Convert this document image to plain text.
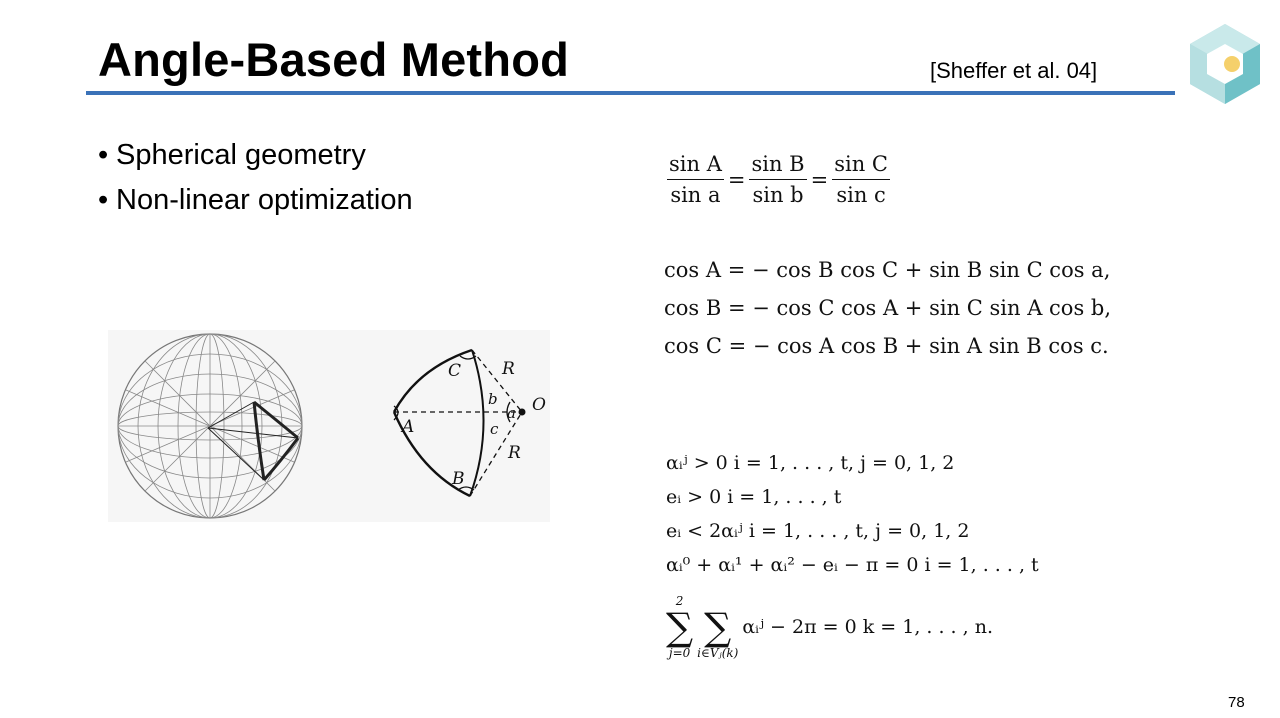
Angle-Based Method	[Sheffer et al. 04]
• Spherical geometry
• Non-linear optimization
C R
b
a O
A	c
R
B
$\frac{\text{sin A}}{\text{sin a}} = \frac{\text{sin B}}{\text{sin b}} = \frac{\text{sin C}}{\text{sin c}}$
cos A = − cos B cos C + sin B sin C cos a,
cos B = − cos C cos A + sin C sin A cos b,
cos C = − cos A cos B + sin A sin B cos c.
αᵢʲ > 0 i = 1, . . . , t, j = 0, 1, 2
eᵢ > 0 i = 1, . . . , t
eᵢ < 2αᵢʲ i = 1, . . . , t, j = 0, 1, 2
αᵢ⁰ + αᵢ¹ + αᵢ² − eᵢ − π = 0 i = 1, . . . , t
2
∑
j=0

∑
i∈Vⱼ(k)
αᵢʲ − 2π = 0 k = 1, . . . , n.
78
